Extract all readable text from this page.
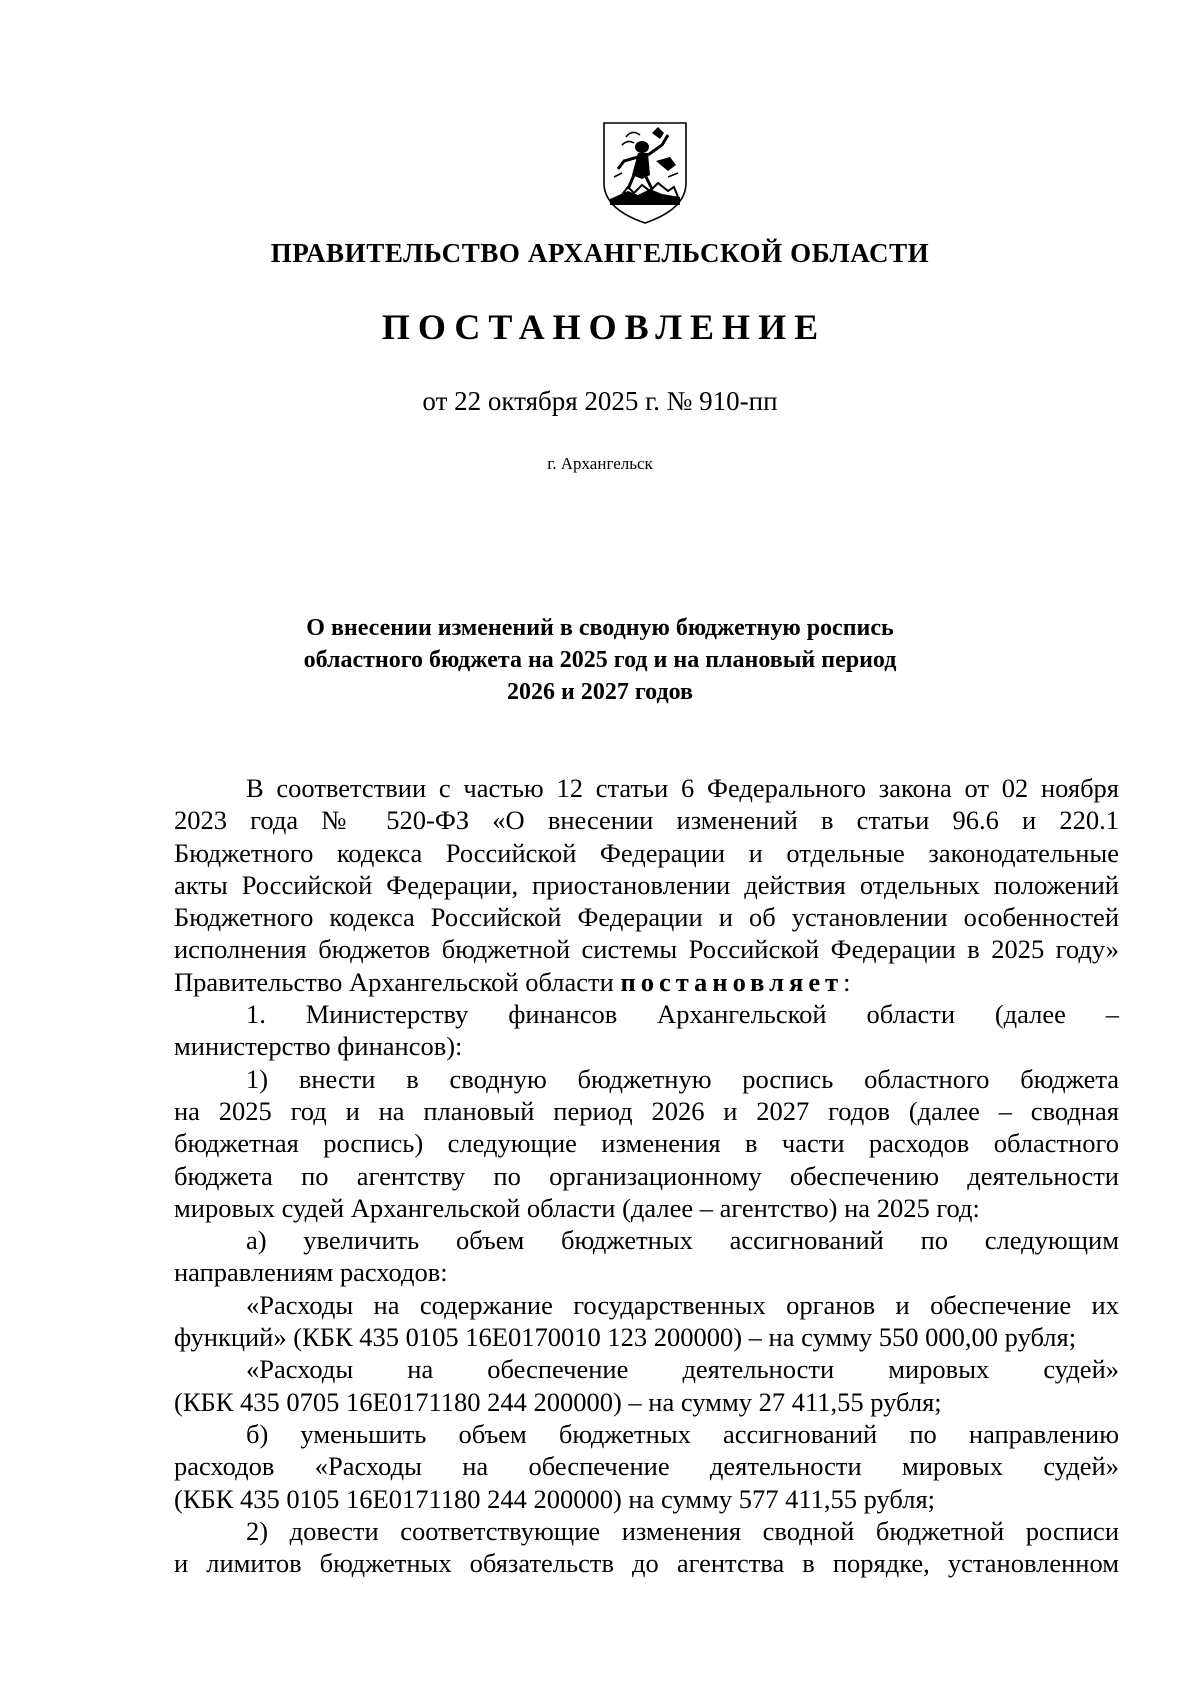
ПРАВИТЕЛЬСТВО АРХАНГЕЛЬСКОЙ ОБЛАСТИ
ПОСТАНОВЛЕНИЕ
от 22 октября 2025 г. № 910-пп
г. Архангельск
О внесении изменений в сводную бюджетную роспись
областного бюджета на 2025 год и на плановый период
2026 и 2027 годов
В соответствии с частью 12 статьи 6 Федерального закона от 02 ноября
2023 года № 520-ФЗ «О внесении изменений в статьи 96.6 и 220.1
Бюджетного кодекса Российской Федерации и отдельные законодательные
акты Российской Федерации, приостановлении действия отдельных положений
Бюджетного кодекса Российской Федерации и об установлении особенностей
исполнения бюджетов бюджетной системы Российской Федерации в 2025 году»
Правительство Архангельской области постановляет:
1. Министерству финансов Архангельской области (далее –
министерство финансов):
1) внести в сводную бюджетную роспись областного бюджета
на 2025 год и на плановый период 2026 и 2027 годов (далее – сводная
бюджетная роспись) следующие изменения в части расходов областного
бюджета по агентству по организационному обеспечению деятельности
мировых судей Архангельской области (далее – агентство) на 2025 год:
а) увеличить объем бюджетных ассигнований по следующим
направлениям расходов:
«Расходы на содержание государственных органов и обеспечение их
функций» (КБК 435 0105 16Е0170010 123 200000) – на сумму 550 000,00 рубля;
«Расходы на обеспечение деятельности мировых судей»
(КБК 435 0705 16Е0171180 244 200000) – на сумму 27 411,55 рубля;
б) уменьшить объем бюджетных ассигнований по направлению
расходов «Расходы на обеспечение деятельности мировых судей»
(КБК 435 0105 16Е0171180 244 200000) на сумму 577 411,55 рубля;
2) довести соответствующие изменения сводной бюджетной росписи
и лимитов бюджетных обязательств до агентства в порядке, установленном
